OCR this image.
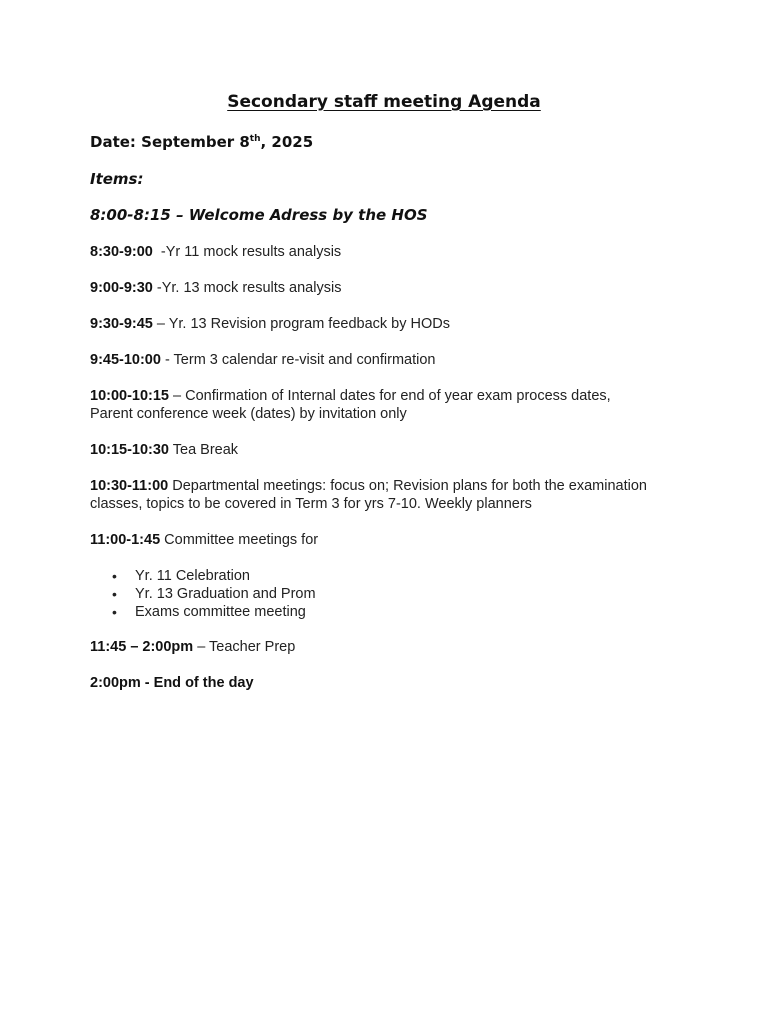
Secondary staff meeting Agenda
Date: September 8th, 2025
Items:
8:00-8:15 – Welcome Adress by the HOS
8:30-9:00  -Yr 11 mock results analysis
9:00-9:30 -Yr. 13 mock results analysis
9:30-9:45 – Yr. 13 Revision program feedback by HODs
9:45-10:00 - Term 3 calendar re-visit and confirmation
10:00-10:15 – Confirmation of Internal dates for end of year exam process dates, Parent conference week (dates) by invitation only
10:15-10:30 Tea Break
10:30-11:00 Departmental meetings: focus on; Revision plans for both the examination classes, topics to be covered in Term 3 for yrs 7-10. Weekly planners
11:00-1:45 Committee meetings for
• Yr. 11 Celebration
• Yr. 13 Graduation and Prom
• Exams committee meeting
11:45 – 2:00pm – Teacher Prep
2:00pm - End of the day
